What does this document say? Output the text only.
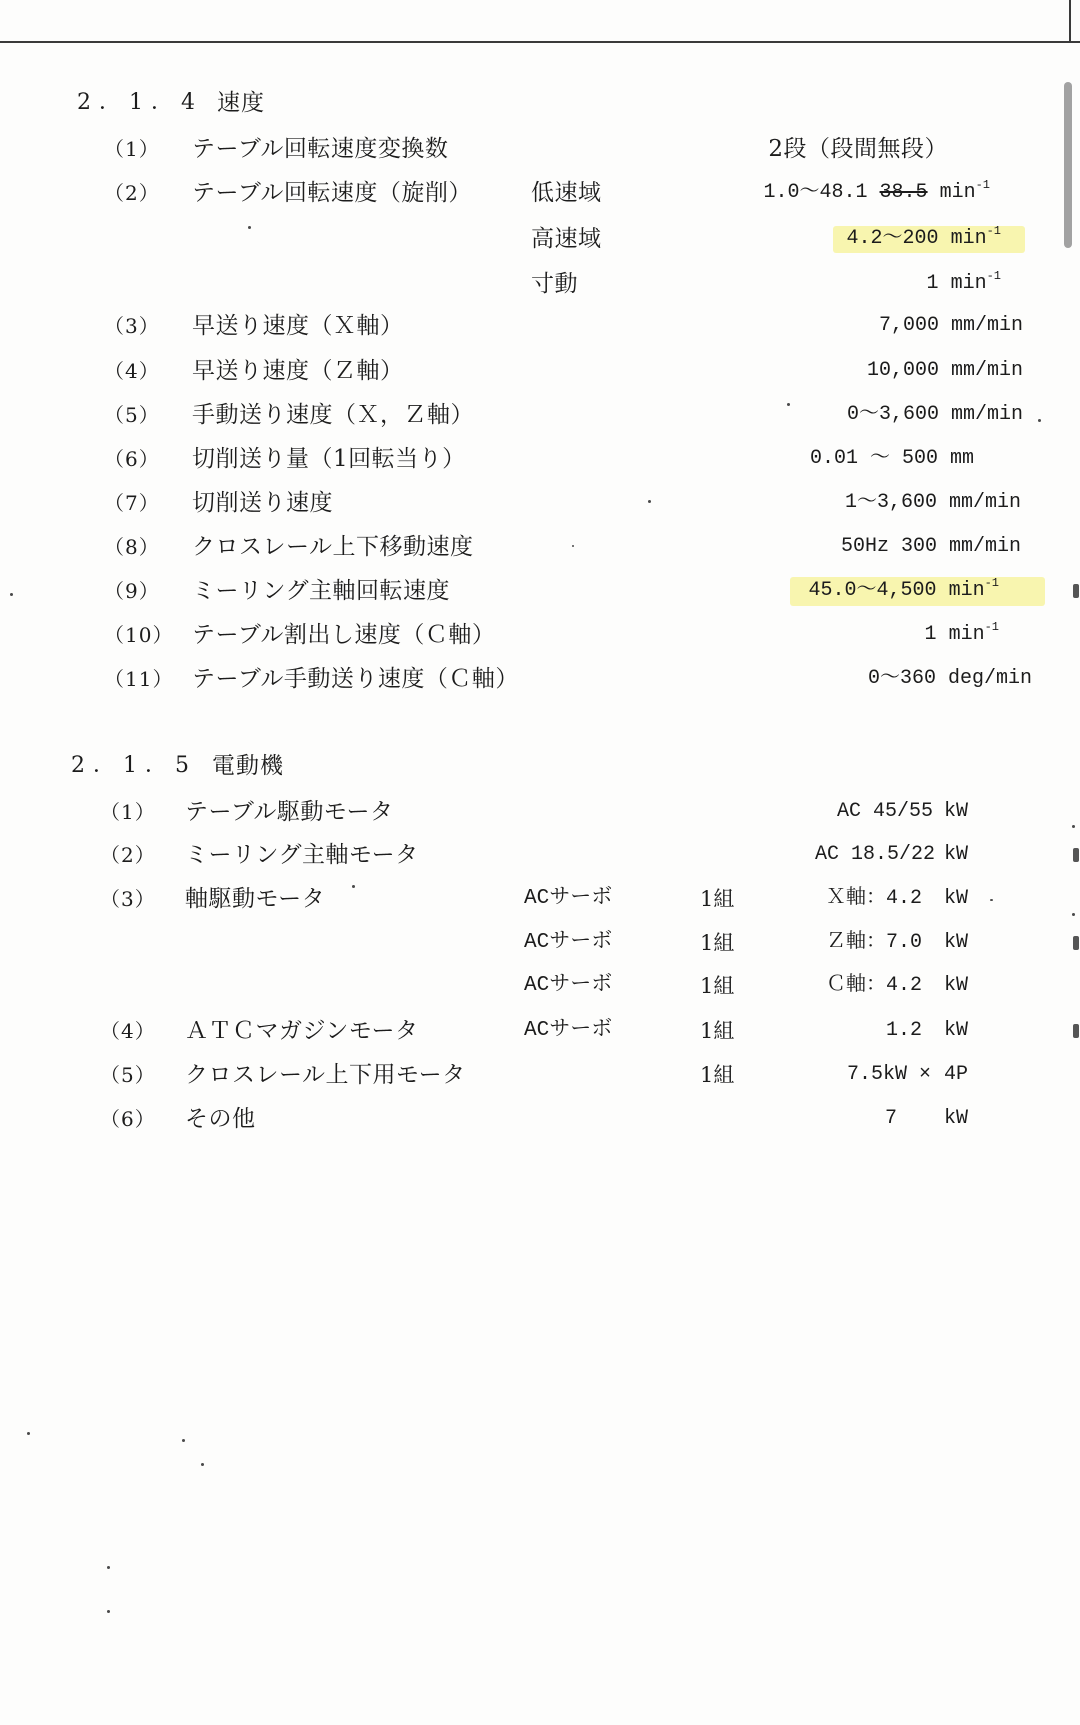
2．1．4 速度
（1） テーブル回転速度変換数	2段（段間無段）
（2） テーブル回転速度（旋削）	低速域	1.0～48.1 38.5 $\min^{-1}$
高速域	4.2～200 $\min^{-1}$
寸動	1 $\min^{-1}$
（3） 早送り速度（Ｘ軸）	7,000 mm/min
（4） 早送り速度（Ｚ軸）	10,000 mm/min
（5） 手動送り速度（Ｘ，Ｚ軸）	0～3,600 mm/min
（6） 切削送り量（1回転当り）	0.01 ～ 500 mm
（7） 切削送り速度	1～3,600 mm/min
（8） クロスレール上下移動速度	50Hz 300 mm/min
（9） ミーリング主軸回転速度	45.0～4,500 $\min^{-1}$
（10） テーブル割出し速度（Ｃ軸）	1 $\min^{-1}$
（11） テーブル手動送り速度（Ｃ軸）	0～360 deg/min
2．1．5 電動機
（1） テーブル駆動モータ	AC 45/55 kW
（2） ミーリング主軸モータ	AC 18.5/22 kW
（3） 軸駆動モータ	ACサーボ	1組	Ｘ軸：4.2 kW
ACサーボ	1組	Ｚ軸：7.0 kW
ACサーボ	1組	Ｃ軸：4.2 kW
（4） ＡＴＣマガジンモータ	ACサーボ	1組	1.2 kW
（5） クロスレール上下用モータ	1組	7.5kW × 4P
（6） その他	7 kW
